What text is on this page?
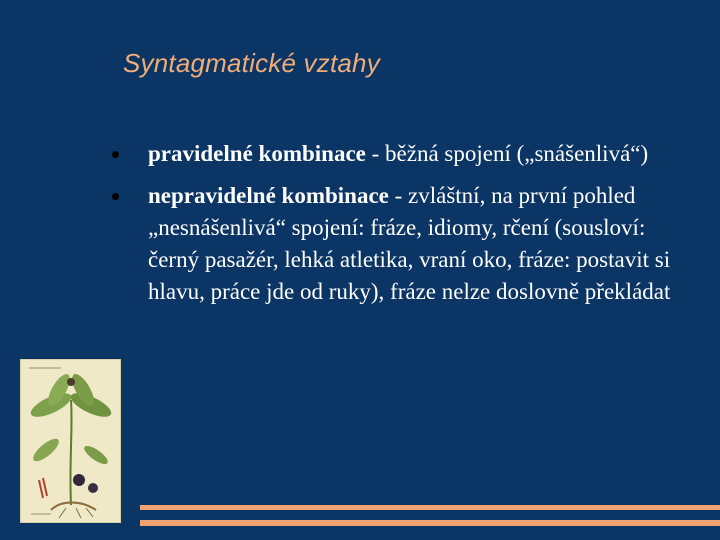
Syntagmatické vztahy
pravidelné kombinace - běžná spojení („snášenlivá“)
nepravidelné kombinace - zvláštní, na první pohled „nesnášenlivá“ spojení: fráze, idiomy, rčení (sousloví: černý pasažér, lehká atletika, vraní oko, fráze: postavit si hlavu, práce jde od ruky), fráze nelze doslovně překládat
